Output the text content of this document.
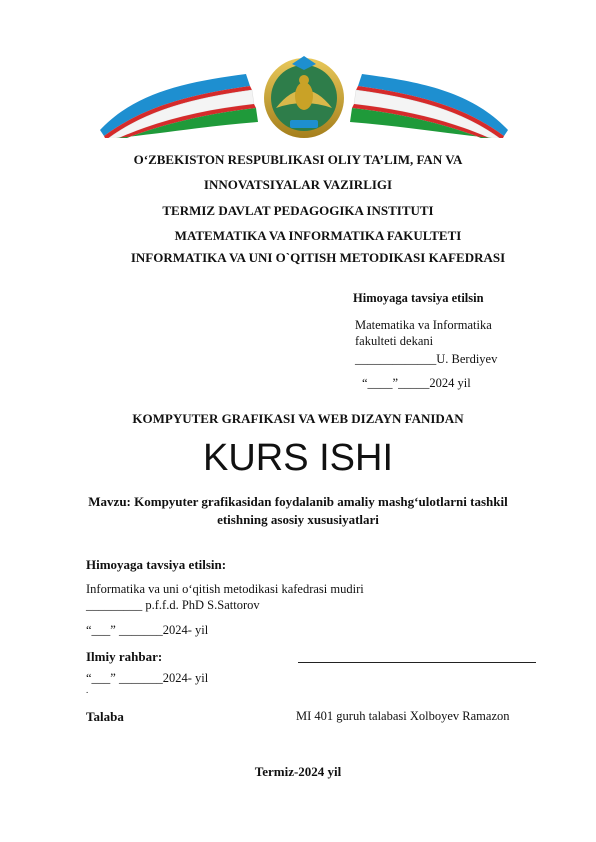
O‘ZBEKISTON RESPUBLIKASI OLIY TA’LIM, FAN VA
INNOVATSIYALAR VAZIRLIGI
TERMIZ DAVLAT PEDAGOGIKA INSTITUTI
MATEMATIKA VA INFORMATIKA FAKULTETI
INFORMATIKA VA UNI O`QITISH METODIKASI KAFEDRASI
Himoyaga tavsiya etilsin
Matematika va Informatika
fakulteti dekani
_____________U. Berdiyev
“____”_____2024 yil
KOMPYUTER GRAFIKASI VA WEB DIZAYN FANIDAN
KURS ISHI
Mavzu: Kompyuter grafikasidan foydalanib amaliy mashg‘ulotlarni tashkil
etishning asosiy xususiyatlari
Himoyaga tavsiya etilsin:
Informatika va uni o‘qitish metodikasi kafedrasi mudiri
_________ p.f.f.d. PhD S.Sattorov
“___” _______2024- yil
Ilmiy rahbar:
“___” _______2024- yil
.
Talaba	MI 401 guruh talabasi Xolboyev Ramazon
Termiz-2024 yil
